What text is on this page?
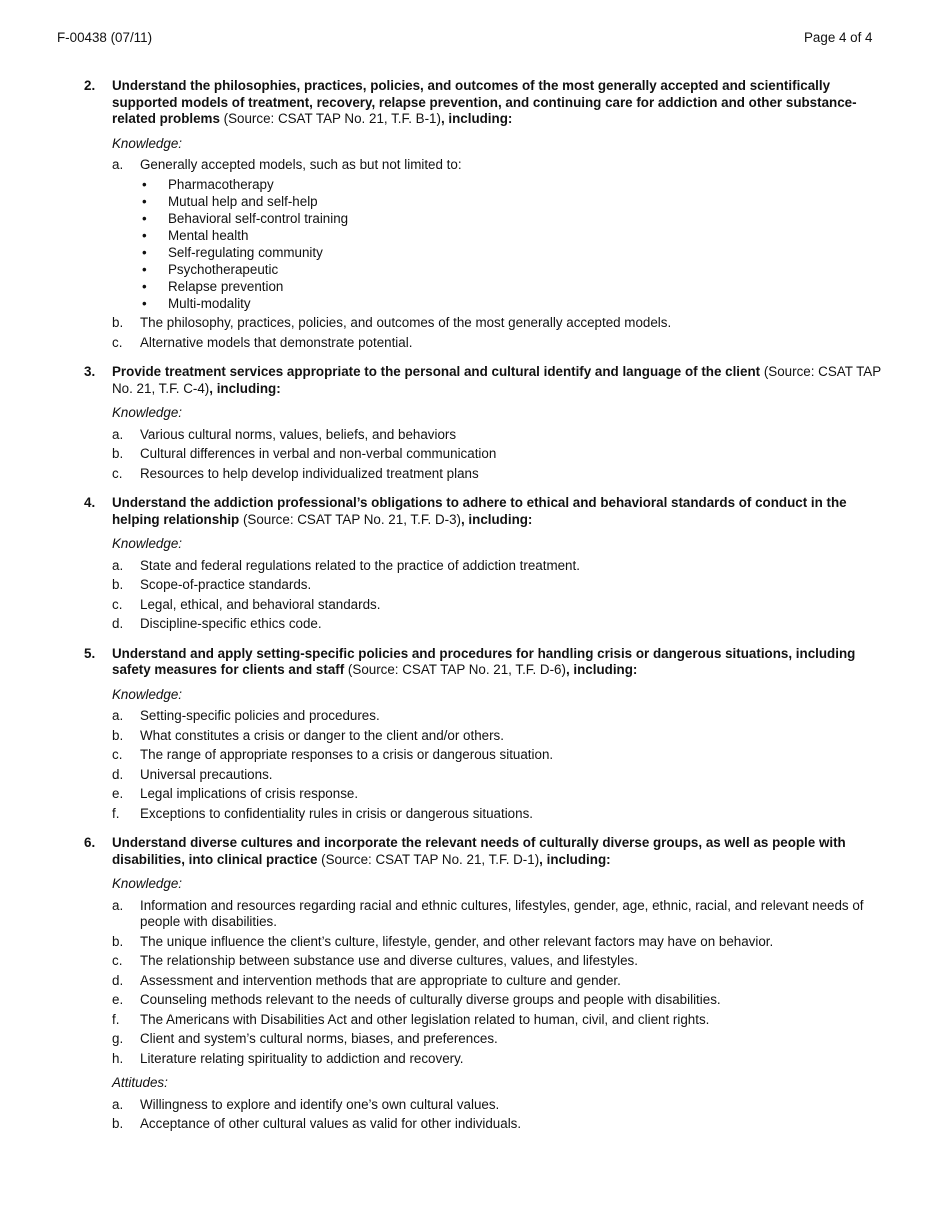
F-00438 (07/11)	Page 4 of 4
2. Understand the philosophies, practices, policies, and outcomes of the most generally accepted and scientifically supported models of treatment, recovery, relapse prevention, and continuing care for addiction and other substance-related problems (Source: CSAT TAP No. 21, T.F. B-1), including:
Knowledge:
a. Generally accepted models, such as but not limited to:
• Pharmacotherapy
• Mutual help and self-help
• Behavioral self-control training
• Mental health
• Self-regulating community
• Psychotherapeutic
• Relapse prevention
• Multi-modality
b. The philosophy, practices, policies, and outcomes of the most generally accepted models.
c. Alternative models that demonstrate potential.
3. Provide treatment services appropriate to the personal and cultural identify and language of the client (Source: CSAT TAP No. 21, T.F. C-4), including:
Knowledge:
a. Various cultural norms, values, beliefs, and behaviors
b. Cultural differences in verbal and non-verbal communication
c. Resources to help develop individualized treatment plans
4. Understand the addiction professional’s obligations to adhere to ethical and behavioral standards of conduct in the helping relationship (Source: CSAT TAP No. 21, T.F. D-3), including:
Knowledge:
a. State and federal regulations related to the practice of addiction treatment.
b. Scope-of-practice standards.
c. Legal, ethical, and behavioral standards.
d. Discipline-specific ethics code.
5. Understand and apply setting-specific policies and procedures for handling crisis or dangerous situations, including safety measures for clients and staff (Source: CSAT TAP No. 21, T.F. D-6), including:
Knowledge:
a. Setting-specific policies and procedures.
b. What constitutes a crisis or danger to the client and/or others.
c. The range of appropriate responses to a crisis or dangerous situation.
d. Universal precautions.
e. Legal implications of crisis response.
f. Exceptions to confidentiality rules in crisis or dangerous situations.
6. Understand diverse cultures and incorporate the relevant needs of culturally diverse groups, as well as people with disabilities, into clinical practice (Source: CSAT TAP No. 21, T.F. D-1), including:
Knowledge:
a. Information and resources regarding racial and ethnic cultures, lifestyles, gender, age, ethnic, racial, and relevant needs of people with disabilities.
b. The unique influence the client’s culture, lifestyle, gender, and other relevant factors may have on behavior.
c. The relationship between substance use and diverse cultures, values, and lifestyles.
d. Assessment and intervention methods that are appropriate to culture and gender.
e. Counseling methods relevant to the needs of culturally diverse groups and people with disabilities.
f. The Americans with Disabilities Act and other legislation related to human, civil, and client rights.
g. Client and system’s cultural norms, biases, and preferences.
h. Literature relating spirituality to addiction and recovery.
Attitudes:
a. Willingness to explore and identify one’s own cultural values.
b. Acceptance of other cultural values as valid for other individuals.
